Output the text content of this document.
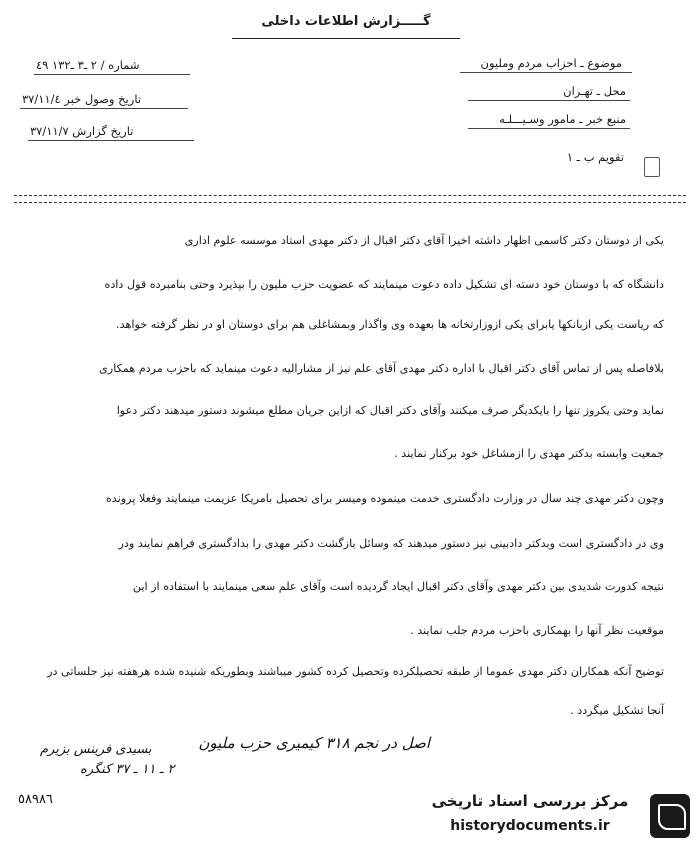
گـــــزارش اطلاعات داخلی
موضوع ـ احزاب مردم وملیون
محل ـ تهـران
منبع خبر ـ مامور وسـيـــلـه
تقویم ب ـ ١
شماره / ٢ ـ٣ ـ١٣٢ ٤٩
تاریخ وصول خبر ٣٧/١١/٤
تاریخ گزارش ٣٧/١١/٧
یکی از دوستان دکتر کاسمی اظهار داشته اخیرا آقای دکتر اقبال از دکتر مهدی استاد موسسه علوم اداری
دانشگاه که با دوستان خود دسته ای تشکیل داده دعوت مینمایند که عضویت حزب ملیون را بپذیرد وحتی بنامبرده قول داده
که ریاست یکی ازبانکها یابرای یکی ازوزارتخانه ها بعهده وی واگذار وبمشاغلی هم برای دوستان او در نظر گرفته خواهد.
بلافاصله پس از تماس آقای دکتر اقبال با اداره دکتر مهدی آقای علم نیز از مشارالیه دعوت مینماید که باحزب مردم همکاری
نماید وحتی یکروز تنها را بایکدیگر صرف میکنند وآقای دکتر اقبال که ازاین جریان مطلع میشوند دستور میدهند دکتر دعوا
جمعیت وابسته بدکتر مهدی را ازمشاغل خود برکنار نمایند .
وچون دکتر مهدی چند سال در وزارت دادگستری خدمت مینموده ومیسر برای تحصیل بامریکا عزیمت مینمایند وفعلا پرونده
وی در دادگستری است وبدکتر دادبینی نیز دستور میدهند که وسائل بازگشت دکتر مهدی را بدادگستری فراهم نمایند ودر
نتیجه کدورت شدیدی بین دکتر مهدی وآقای دکتر اقبال ایجاد گردیده است وآقای علم سعی مینمایند با استفاده از این
موقعیت نظر آنها را بهمکاری باحزب مردم جلب نمایند .
توضیح آنکه همکاران دکتر مهدی عموما از طبقه تحصیلکرده وتحصیل کرده کشور میباشند وبطوریکه شنیده شده هرهفته نیز جلساتی در
آنجا تشکیل میگردد .
اصل در نجم ٣١٨ کیمیری حزب ملیون
بسیدی فرینس بزیرم
٢ ـ ١١ ـ ٣٧ کنگره
٥٨٩٨٦	مرکز بررسی اسناد تاریخی
historydocuments.ir
